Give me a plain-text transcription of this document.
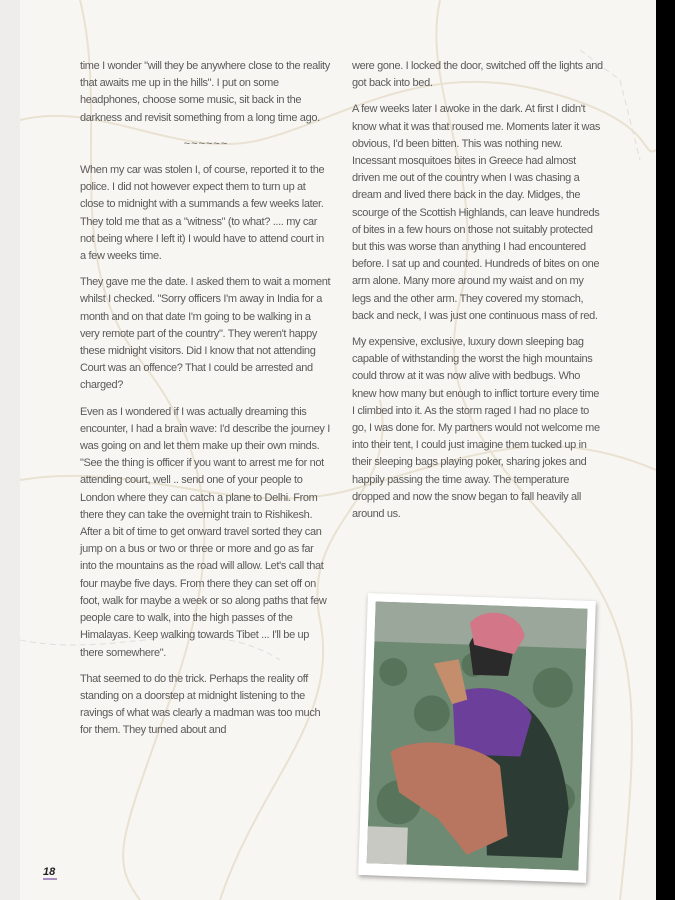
time I wonder "will they be anywhere close to the reality that awaits me up in the hills". I put on some headphones, choose some music, sit back in the darkness and revisit something from a long time ago.

~~~~~~

When my car was stolen I, of course, reported it to the police. I did not however expect them to turn up at close to midnight with a summands a few weeks later. They told me that as a "witness" (to what? .... my car not being where I left it) I would have to attend court in a few weeks time.

They gave me the date. I asked them to wait a moment whilst I checked. "Sorry officers I'm away in India for a month and on that date I'm going to be walking in a very remote part of the country". They weren't happy these midnight visitors. Did I know that not attending Court was an offence? That I could be arrested and charged?

Even as I wondered if I was actually dreaming this encounter, I had a brain wave: I'd describe the journey I was going on and let them make up their own minds. "See the thing is officer if you want to arrest me for not attending court, well .. send one of your people to London where they can catch a plane to Delhi. From there they can take the overnight train to Rishikesh. After a bit of time to get onward travel sorted they can jump on a bus or two or three or more and go as far into the mountains as the road will allow. Let's call that four maybe five days. From there they can set off on foot, walk for maybe a week or so along paths that few people care to walk, into the high passes of the Himalayas. Keep walking towards Tibet ... I'll be up there somewhere".

That seemed to do the trick. Perhaps the reality off standing on a doorstep at midnight listening to the ravings of what was clearly a madman was too much for them. They turned about and

were gone. I locked the door, switched off the lights and got back into bed.

A few weeks later I awoke in the dark. At first I didn't know what it was that roused me. Moments later it was obvious, I'd been bitten. This was nothing new. Incessant mosquitoes bites in Greece had almost driven me out of the country when I was chasing a dream and lived there back in the day. Midges, the scourge of the Scottish Highlands, can leave hundreds of bites in a few hours on those not suitably protected but this was worse than anything I had encountered before. I sat up and counted. Hundreds of bites on one arm alone. Many more around my waist and on my legs and the other arm. They covered my stomach, back and neck, I was just one continuous mass of red.

My expensive, exclusive, luxury down sleeping bag capable of withstanding the worst the high mountains could throw at it was now alive with bedbugs. Who knew how many but enough to inflict torture every time I climbed into it. As the storm raged I had no place to go, I was done for. My partners would not welcome me into their tent, I could just imagine them tucked up in their sleeping bags playing poker, sharing jokes and happily passing the time away. The temperature dropped and now the snow began to fall heavily all around us.

18
